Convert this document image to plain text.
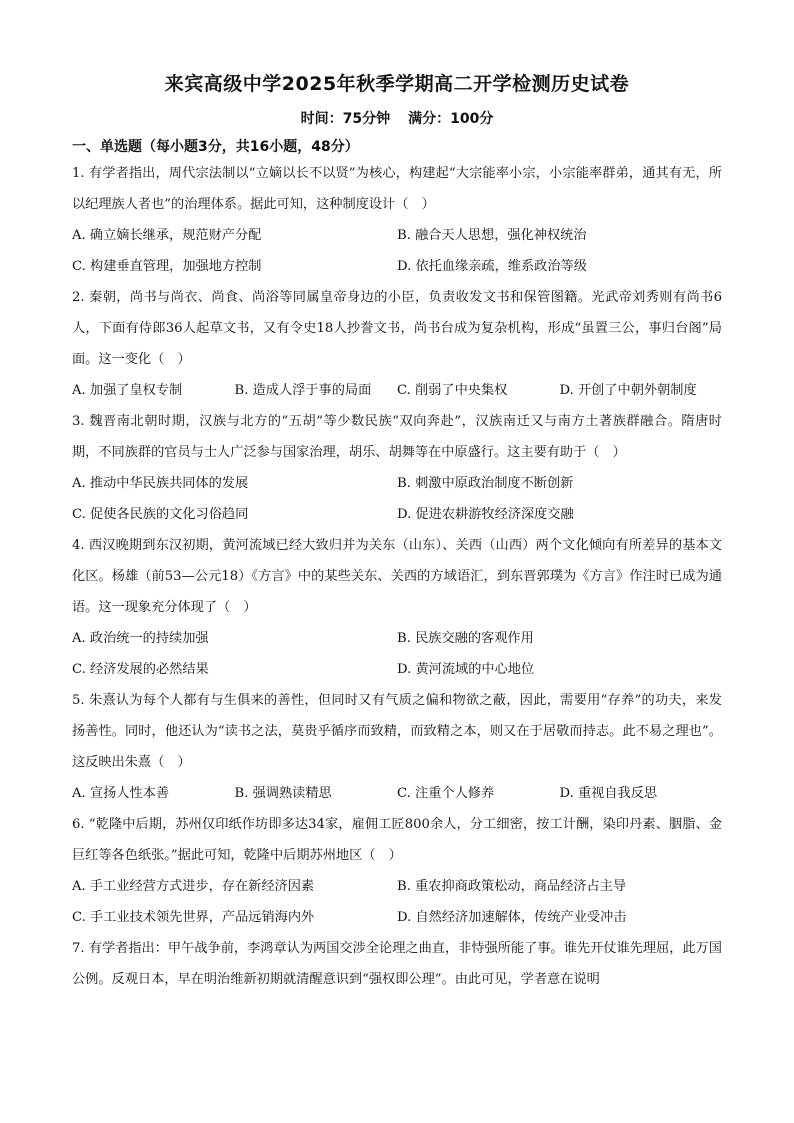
来宾高级中学2025年秋季学期高二开学检测历史试卷
时间：75分钟 满分：100分
一、单选题（每小题3分，共16小题，48分）

1. 有学者指出，周代宗法制以“立嫡以长不以贤”为核心，构建起“大宗能率小宗，小宗能率群弟，通其有无，所以纪理族人者也”的治理体系。据此可知，这种制度设计（　）

A. 确立嫡长继承，规范财产分配	B. 融合天人思想，强化神权统治
C. 构建垂直管理，加强地方控制	D. 依托血缘亲疏，维系政治等级

2. 秦朝，尚书与尚衣、尚食、尚浴等同属皇帝身边的小臣，负责收发文书和保管图籍。光武帝刘秀则有尚书6人，下面有侍郎36人起草文书，又有令史18人抄誊文书，尚书台成为复杂机构，形成“虽置三公，事归台阁”局面。这一变化（　）

A. 加强了皇权专制	B. 造成人浮于事的局面	C. 削弱了中央集权	D. 开创了中朝外朝制度

3. 魏晋南北朝时期，汉族与北方的“五胡”等少数民族“双向奔赴”，汉族南迁又与南方土著族群融合。隋唐时期，不同族群的官员与士人广泛参与国家治理，胡乐、胡舞等在中原盛行。这主要有助于（　）

A. 推动中华民族共同体的发展	B. 刺激中原政治制度不断创新
C. 促使各民族的文化习俗趋同	D. 促进农耕游牧经济深度交融

4. 西汉晚期到东汉初期，黄河流域已经大致归并为关东（山东）、关西（山西）两个文化倾向有所差异的基本文化区。杨雄（前53—公元18）《方言》中的某些关东、关西的方域语汇，到东晋郭璞为《方言》作注时已成为通语。这一现象充分体现了（　）

A. 政治统一的持续加强	B. 民族交融的客观作用
C. 经济发展的必然结果	D. 黄河流域的中心地位

5. 朱熹认为每个人都有与生俱来的善性，但同时又有气质之偏和物欲之蔽，因此，需要用“存养”的功夫，来发扬善性。同时，他还认为“读书之法，莫贵乎循序而致精，而致精之本，则又在于居敬而持志。此不易之理也”。这反映出朱熹（　）

A. 宣扬人性本善	B. 强调熟读精思	C. 注重个人修养	D. 重视自我反思

6. “乾隆中后期，苏州仅印纸作坊即多达34家，雇佣工匠800余人，分工细密，按工计酬，染印丹素、胭脂、金巨红等各色纸张。”据此可知，乾隆中后期苏州地区（　）

A. 手工业经营方式进步，存在新经济因素	B. 重农抑商政策松动，商品经济占主导
C. 手工业技术领先世界，产品远销海内外	D. 自然经济加速解体，传统产业受冲击

7. 有学者指出：甲午战争前，李鸿章认为两国交涉全论理之曲直，非恃强所能了事。谁先开仗谁先理屈，此万国公例。反观日本，早在明治维新初期就清醒意识到“强权即公理”。由此可见，学者意在说明
